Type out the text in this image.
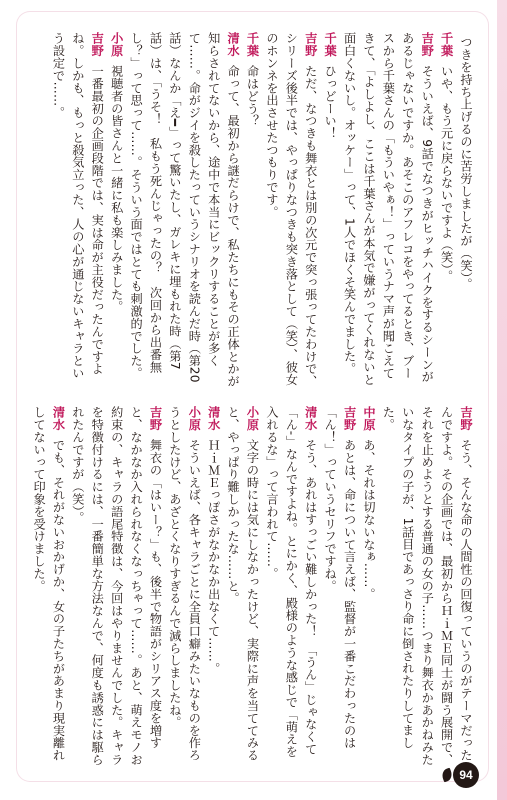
つきを持ち上げるのに苦労しましたが（笑）。

千葉 いや、もう元に戻らないですよ（笑）。

吉野 そういえば、9話でなつきがヒッチハイクをするシーンがあるじゃないですか。あそこのアフレコをやってるとき、ブースから千葉さんの「もういやぁ！」っていうナマ声が聞こえてきて、「よしよし、ここは千葉さんが本気で嫌がってくれないと面白くないし。オッケー」って、1人でほくそ笑んでました。

千葉 ひっどーい！

吉野 ただ、なつきも舞衣とは別の次元で突っ張ってたわけで、シリーズ後半では、やっぱりなつきも突き落として（笑）、彼女のホンネを出させたつもりです。

千葉 命はどう？

清水 命って、最初から謎だらけで、私たちにもその正体とかが知らされてないから、途中で本当にビックリすることが多くて……。命がジイを殺したっていうシナリオを読んだ時（第20話）なんか「え━」って驚いたし、ガレキに埋もれた時（第7話）は、「うそ！　私もう死んじゃったの？　次回から出番無し？」って思って……。そういう面ではとても刺激的でした。

小原 視聴者の皆さんと一緒に私も楽しみました。

吉野 一番最初の企画段階では、実は命が主役だったんですよね。しかも、もっと殺気立った、人の心が通じないキャラという設定で……。

吉野 そう、そんな命の人間性の回復っていうのがテーマだったんですよ。その企画では、最初からＨｉＭＥ同士が闘う展開で、それを止めようとする普通の女の子……つまり舞衣かあかねみたいなタイプの子が、1話目であっさり命に倒されたりしてました。

中原 あ、それは切ないなぁ……。

吉野 あとは、命について言えば、監督が一番こだわったのは「ん！」っていうセリフですね。

清水 そう、あれはすっごい難しかった！　「うん」じゃなくて「ん‐」なんですよね。とにかく、殿様のような感じで「萌えを入れるな」って言われて……。

小原 文字の時には気にしなかったけど、実際に声を当ててみると、やっぱり難しかったな……と。

清水 ＨｉＭＥっぽさがなかなか出なくて……。

小原 そういえば、各キャラごとに全員口癖みたいなものを作ろうとしたけど、あざとくなりすぎるんで減らしましたね。

吉野 舞衣の「はいー？」も、後半で物語がシリアス度を増すと、なかなか入れられなくなっちゃって……。あと、萌えモノお約束の、キャラの語尾特徴は、今回はやりませんでした。キャラを特徴付けるには、一番簡単な方法なんで、何度も誘惑には駆られたんですが（笑）。

清水 でも、それがないおかげか、女の子たちがあまり現実離れしてないって印象を受けました。

94
